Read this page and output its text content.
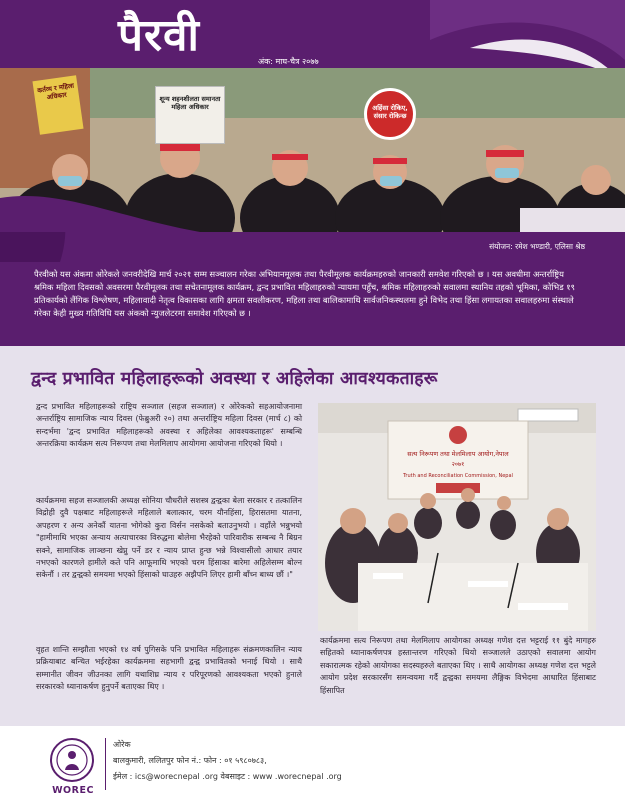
पैरवी
अंक: माघ-चैत्र २०७७
शून्य शहनशीलता समानता महिला अधिकार	अहिंसा रोकिए, संसार रोकिन्छ
कर्तव्य र महिला अधिकार
संयोजन: रमेश भण्डारी, एलिसा श्रेष्ठ
पैरवीको यस अंकमा ओरेकले जनवरीदेखि मार्च २०२१ सम्म सञ्चालन गरेका अभियानमूलक तथा पैरवीमूलक कार्यक्रमहरुको जानकारी समवेश गरिएको छ । यस अवधीमा अन्तर्राष्ट्रिय श्रमिक महिला दिवसको अवसरमा पैरवीमूलक तथा सचेतनामूलक कार्यक्रम, द्वन्द प्रभावित महिलाहरुको न्यायमा पहुँच, श्रमिक महिलाहरुको सवालमा स्थानिय तहको भूमिका, कोभिड १९ प्रतिकार्यको लैंगिक विश्लेषण, महिलावादी नेतृत्व विकासका लागि क्षमता सवलीकरण, महिला तथा बालिकामाथि सार्वजनिकस्थलमा हुने विभेद तथा हिंसा लगायतका सवालहरुमा संस्थाले गरेका केही मुख्य गतिविधि यस अंकको न्युजलेटरमा समावेश गरिएको छ ।
द्वन्द प्रभावित महिलाहरूको अवस्था र अहिलेका आवश्यकताहरू

द्वन्द प्रभावित महिलाहरूको राष्ट्रिय सञ्जाल (सहज सञ्जाल) र ओरेकको सहआयोजनामा अन्तर्राष्ट्रिय सामाजिक न्याय दिवस (फेब्रुअरी २०) तथा अन्तर्राष्ट्रिय महिला दिवस (मार्च ८) को सन्दर्भमा 'द्वन्द प्रभावित महिलाहरूको अवस्था र अहिलेका आवश्यकताहरू' सम्बन्धि अन्तरक्रिया कार्यक्रम सत्य निरूपण तथा मेलमिलाप आयोगमा आयोजना गरिएको थियो ।

कार्यक्रममा सहज सञ्जालकी अध्यक्ष सोनिया चौधरीले सशस्त्र द्वन्द्वका बेला सरकार र तत्कालिन विद्रोही दुवै पक्षबाट महिलाहरूले महिलाले बलात्कार, चरम यौनहिंसा, हिरासतमा यातना, अपहरण र अन्य अनेकौं यातना भोगेको कुरा विर्सन नसकेको बताउनुभयो । वहाँले भन्नुभयो "हामीमाथि भएका अन्याय अत्याचारका विरुद्धमा बोलेमा भैरहेको पारिवारीक सम्बन्ध नै बिग्रन सक्ने, सामाजिक लाञ्छना खेप्नु पर्ने डर र न्याय प्राप्त हुन्छ भन्ने विश्वासीलो आधार तयार नभएको कारणले हामीले कते पनि आफूमाथि भएको चरम हिंसाका बारेमा अहिलेसम्म बोल्न सकेनौं । तर द्वन्द्वको समयमा भएको हिंसाको घाउहरु अझैपनि लिएर हामी बाँच्न बाध्य छौं ।"

वृहत शान्ति सम्झौता भएको १४ वर्ष पुगिसके पनि प्रभावित महिलाहरू संक्रमणकालिन न्याय प्रक्रियाबाट बन्चित भईरहेका कार्यक्रममा सहभागी द्वन्द्व प्रभावितको भनाई थियो । साथै सम्मानीत जीवन जीउनका लागि यथाशिघ्र न्याय र परिपूरणको आवश्यकता भएको हुनाले सरकारको ध्यानाकर्षण हुनुपर्ने बताएका थिए ।

सत्य निरूपण तथा मेलमिलाप आयोग,नेपाल
२०७१
Truth and Reconciliation Commission, Nepal
कार्यक्रममा सत्य निरूपण तथा मेलमिलाप आयोगका अध्यक्ष गणेश दत्त भट्टराई ११ बुंदे मागहरु सहितको ध्यानाकर्षणपत्र हस्तान्तरण गरिएको थियो सञ्जालले उठाएको सवालमा आयोग सकारात्मक रहेको आयोगका सदस्यहरुले बताएका थिए । साथै आयोगका अध्यक्ष गणेश दत्त भट्टले आयोग प्रदेश सरकारसँग समन्वयमा गर्दै द्वन्द्वका समयमा लैङ्गिक विभेदमा आधारित हिंसाबाट हिंसापित
WOREC
ओरेक
बालकुमारी, ललितपुर फोन नं.: फोन : ०१ ५९८०७८३,
ईमेल : ics@worecnepal .org वेबसाइट : www .worecnepal .org
